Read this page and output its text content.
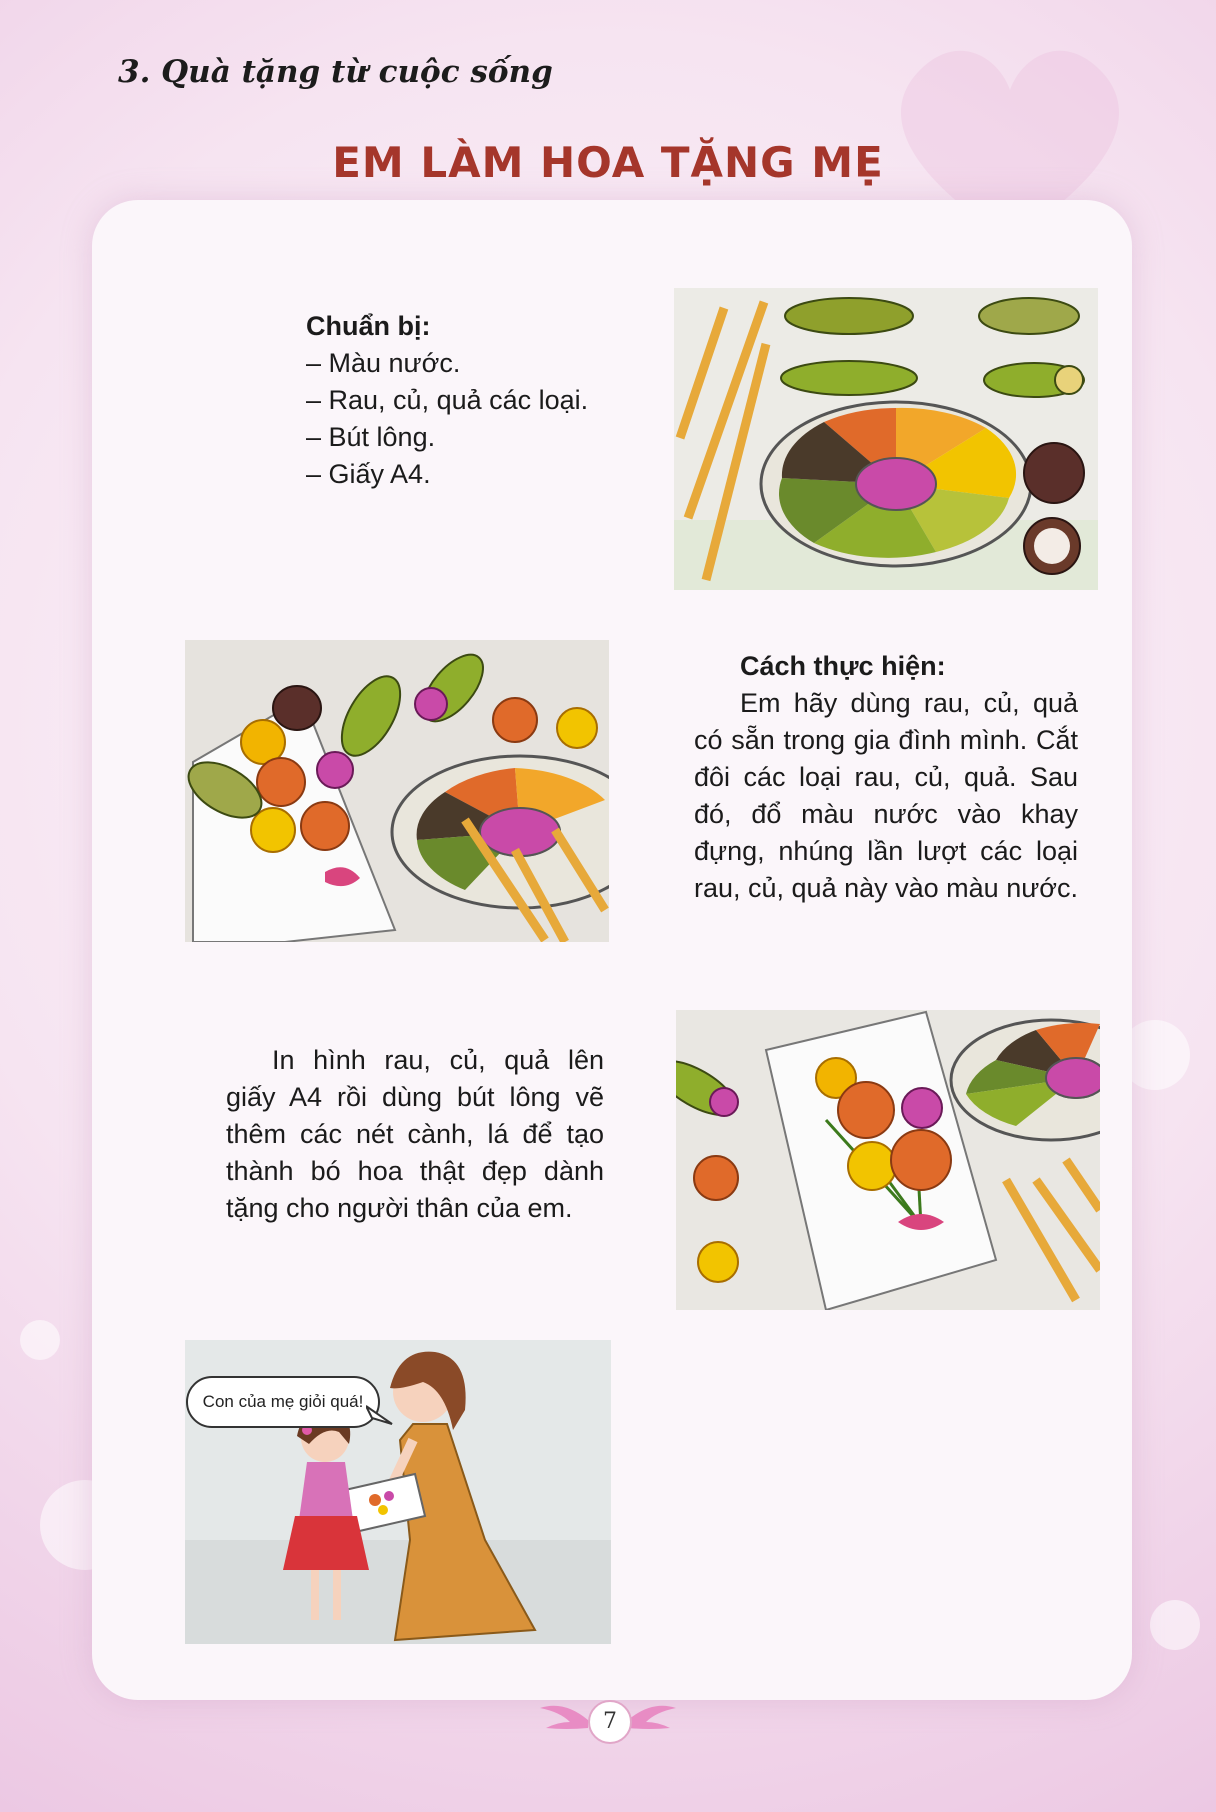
3. Quà tặng từ cuộc sống
EM LÀM HOA TẶNG MẸ
Chuẩn bị:
– Màu nước.
– Rau, củ, quả các loại.
– Bút lông.
– Giấy A4.
Cách thực hiện:

Em hãy dùng rau, củ, quả có sẵn trong gia đình mình. Cắt đôi các loại rau, củ, quả. Sau đó, đổ màu nước vào khay đựng, nhúng lần lượt các loại rau, củ, quả này vào màu nước.

In hình rau, củ, quả lên giấy A4 rồi dùng bút lông vẽ thêm các nét cành, lá để tạo thành bó hoa thật đẹp dành tặng cho người thân của em.

Con của mẹ giỏi quá!
7
